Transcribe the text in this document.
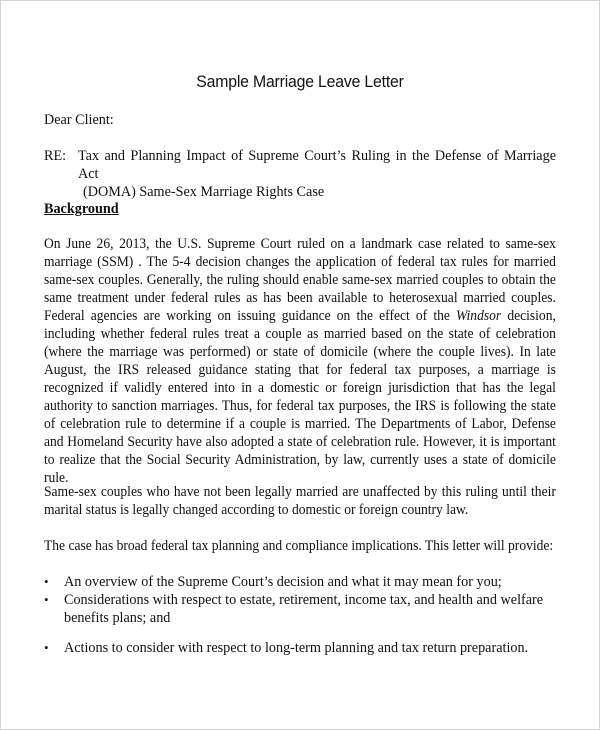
Sample Marriage Leave Letter
Dear Client:
RE: Tax and Planning Impact of Supreme Court’s Ruling in the Defense of Marriage Act
(DOMA) Same-Sex Marriage Rights Case
Background
On June 26, 2013, the U.S. Supreme Court ruled on a landmark case related to same-sex marriage (SSM) . The 5-4 decision changes the application of federal tax rules for married same-sex couples. Generally, the ruling should enable same-sex married couples to obtain the same treatment under federal rules as has been available to heterosexual married couples. Federal agencies are working on issuing guidance on the effect of the Windsor decision, including whether federal rules treat a couple as married based on the state of celebration (where the marriage was performed) or state of domicile (where the couple lives). In late August, the IRS released guidance stating that for federal tax purposes, a marriage is recognized if validly entered into in a domestic or foreign jurisdiction that has the legal authority to sanction marriages. Thus, for federal tax purposes, the IRS is following the state of celebration rule to determine if a couple is married. The Departments of Labor, Defense and Homeland Security have also adopted a state of celebration rule. However, it is important to realize that the Social Security Administration, by law, currently uses a state of domicile rule.
Same-sex couples who have not been legally married are unaffected by this ruling until their marital status is legally changed according to domestic or foreign country law.
The case has broad federal tax planning and compliance implications. This letter will provide:
•	An overview of the Supreme Court’s decision and what it may mean for you;
•	Considerations with respect to estate, retirement, income tax, and health and welfare benefits plans; and
•	Actions to consider with respect to long-term planning and tax return preparation.
